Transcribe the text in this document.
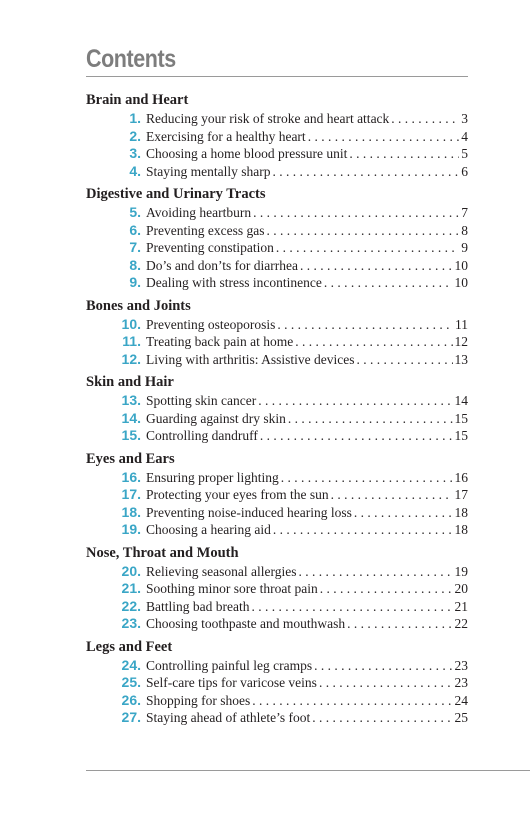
Contents
Brain and Heart
1. Reducing your risk of stroke and heart attack . . .	3
2. Exercising for a healthy heart . . .	4
3. Choosing a home blood pressure unit . . .	5
4. Staying mentally sharp . . .	6
Digestive and Urinary Tracts
5. Avoiding heartburn . . .	7
6. Preventing excess gas . . .	8
7. Preventing constipation . . .	9
8. Do’s and don’ts for diarrhea . . .	10
9. Dealing with stress incontinence . . .	10
Bones and Joints
10. Preventing osteoporosis . . .	11
11. Treating back pain at home . . .	12
12. Living with arthritis: Assistive devices . . .	13
Skin and Hair
13. Spotting skin cancer . . .	14
14. Guarding against dry skin . . .	15
15. Controlling dandruff . . .	15
Eyes and Ears
16. Ensuring proper lighting . . .	16
17. Protecting your eyes from the sun . . .	17
18. Preventing noise-induced hearing loss . . .	18
19. Choosing a hearing aid . . .	18
Nose, Throat and Mouth
20. Relieving seasonal allergies . . .	19
21. Soothing minor sore throat pain . . .	20
22. Battling bad breath . . .	21
23. Choosing toothpaste and mouthwash . . .	22
Legs and Feet
24. Controlling painful leg cramps . . .	23
25. Self-care tips for varicose veins . . .	23
26. Shopping for shoes . . .	24
27. Staying ahead of athlete’s foot . . .	25
